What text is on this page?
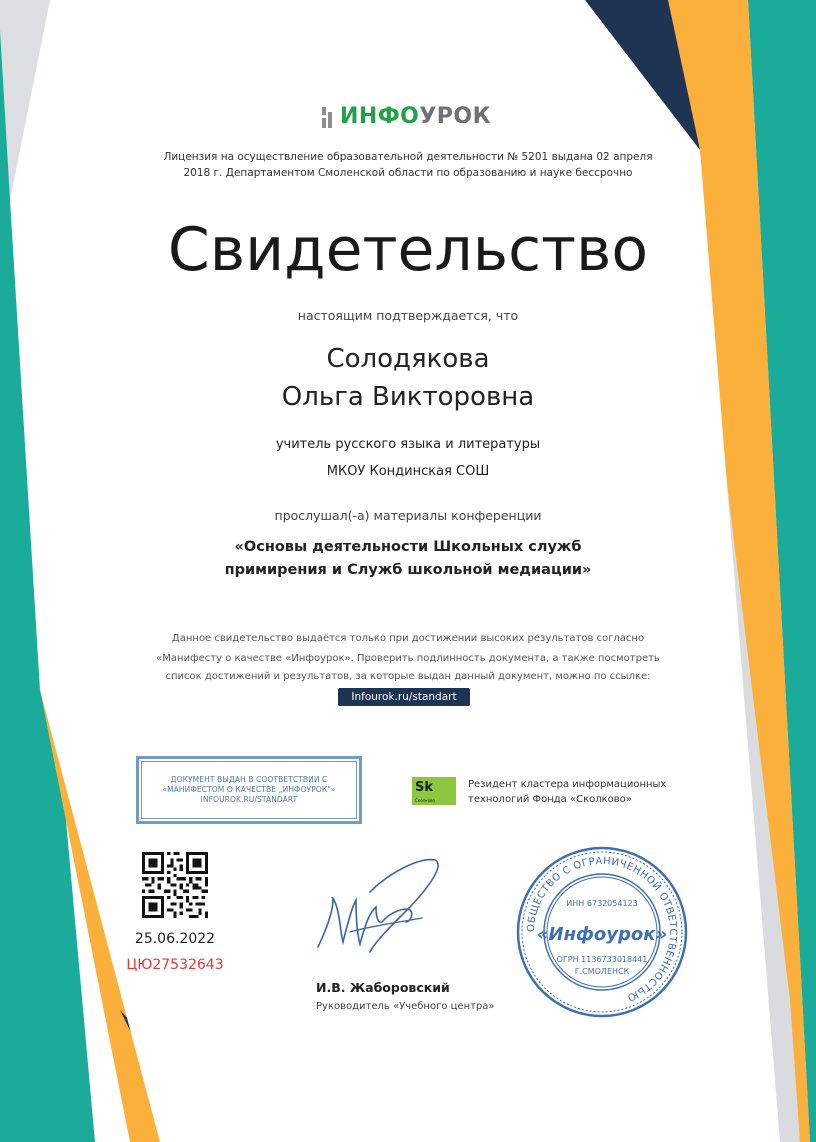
ИНФОУРОК
Лицензия на осуществление образовательной деятельности № 5201 выдана 02 апреля
2018 г. Департаментом Смоленской области по образованию и науке бессрочно
Свидетельство
настоящим подтверждается, что
Солодякова
Ольга Викторовна
учитель русского языка и литературы
МКОУ Кондинская СОШ
прослушал(-а) материалы конференции
«Основы деятельности Школьных служб
примирения и Служб школьной медиации»
Данное свидетельство выдаётся только при достижении высоких результатов согласно
«Манифесту о качестве «Инфоурок». Проверить подлинность документа, а также посмотреть
список достижений и результатов, за которые выдан данный документ, можно по ссылке:
Infourok.ru/standart
ДОКУМЕНТ ВЫДАН В СООТВЕТСТВИИ С
«МАНИФЕСТОМ О КАЧЕСТВЕ „ИНФОУРОК"»
INFOUROK.RU/STANDART
Sk
Сколково
Резидент кластера информационных
технологий Фонда «Сколково»
25.06.2022
ЦЮ27532643
И.В. Жаборовский
Руководитель «Учебного центра»
ОБЩЕСТВО С ОГРАНИЧЕННОЙ ОТВЕТСТВЕННОСТЬЮ
ИНН 6732054123
«Инфоурок»
ОГРН 1136733018441
Г.СМОЛЕНСК
